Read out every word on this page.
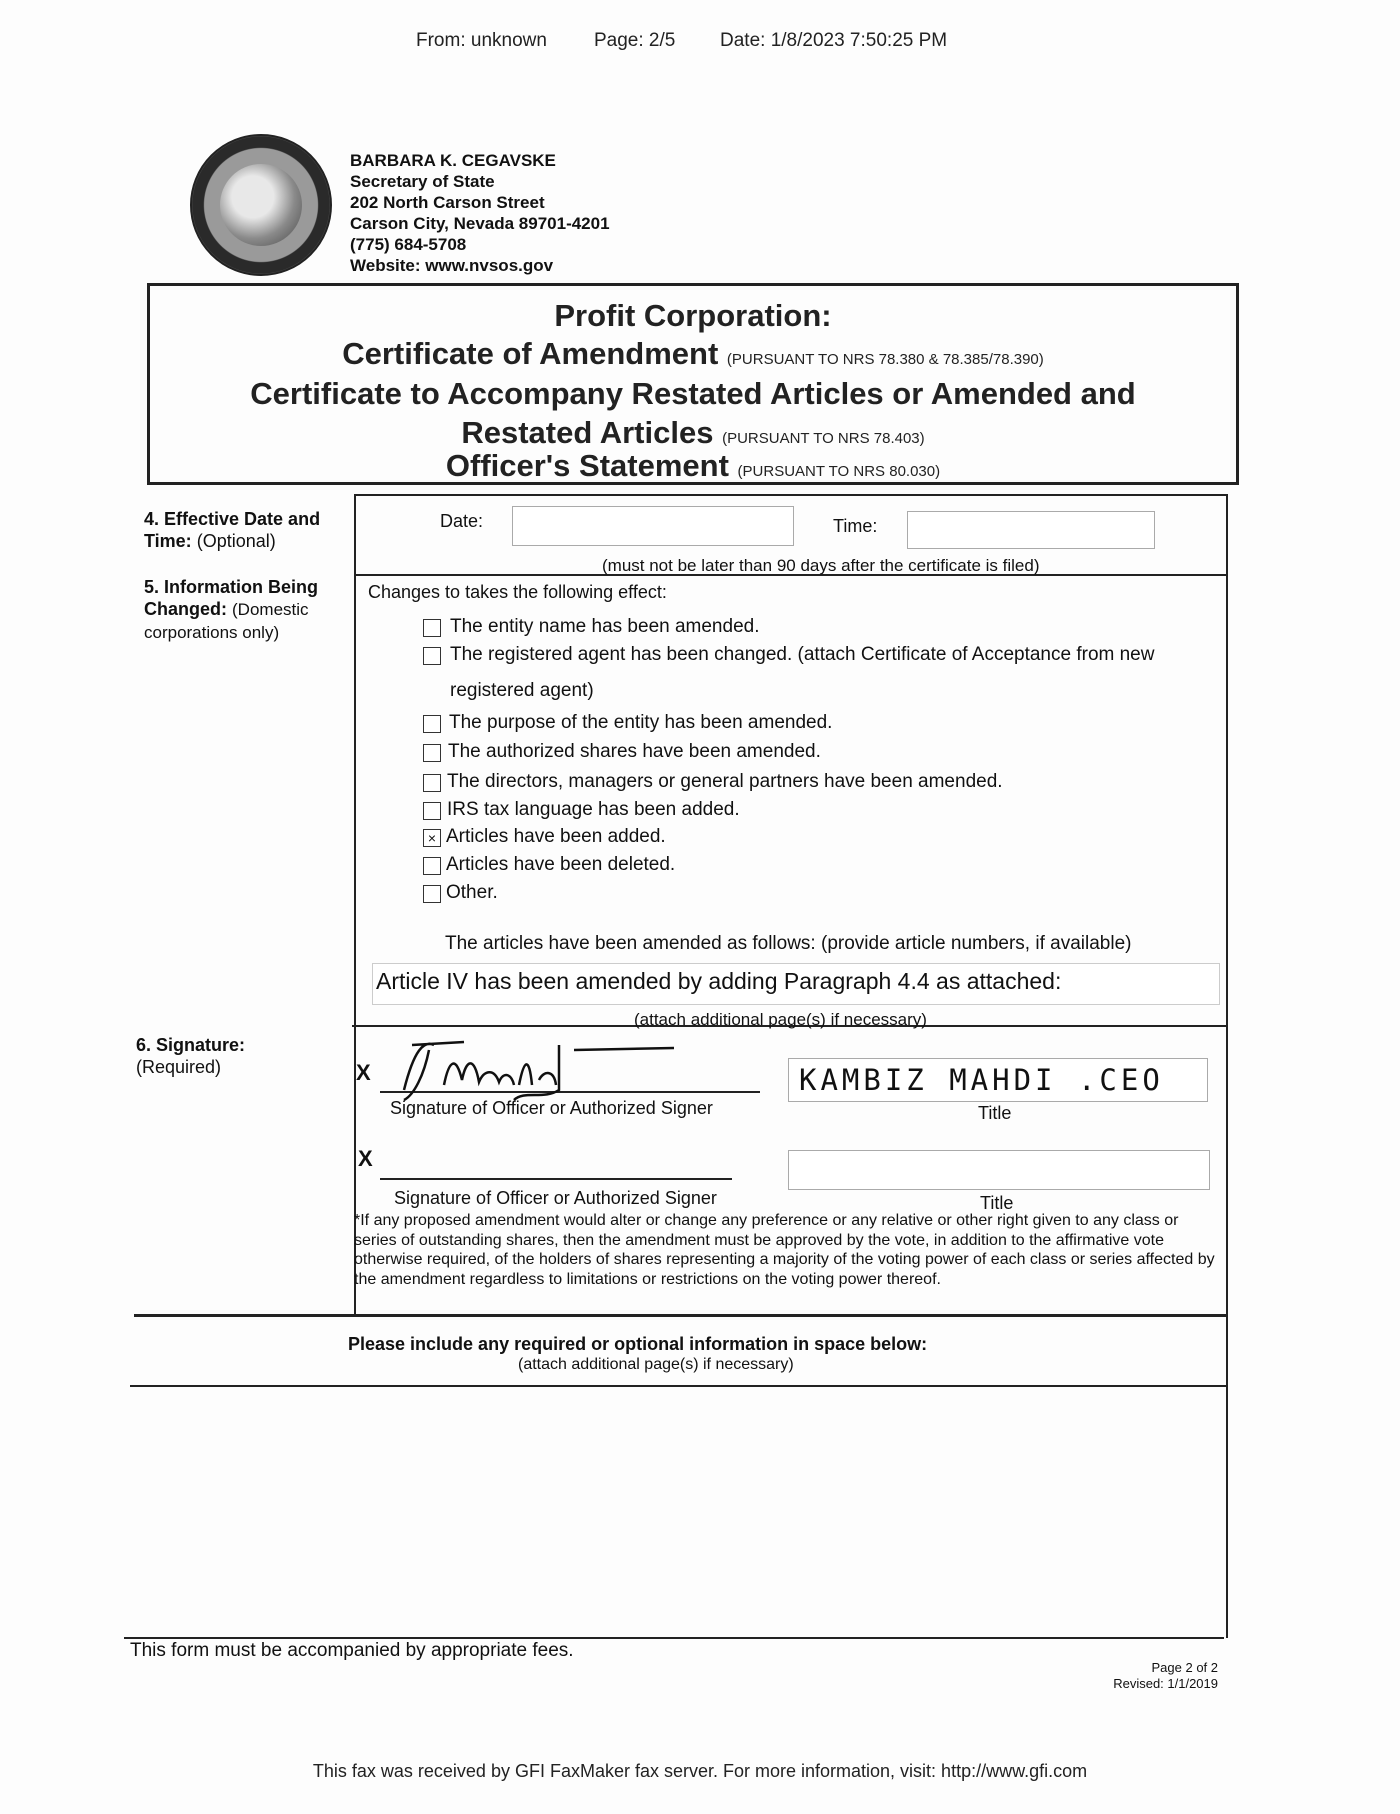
From: unknown Page: 2/5 Date: 1/8/2023 7:50:25 PM
BARBARA K. CEGAVSKE
Secretary of State
202 North Carson Street
Carson City, Nevada 89701-4201
(775) 684-5708
Website: www.nvsos.gov
Profit Corporation:
Certificate of Amendment (PURSUANT TO NRS 78.380 & 78.385/78.390)
Certificate to Accompany Restated Articles or Amended and
Restated Articles (PURSUANT TO NRS 78.403)
Officer's Statement (PURSUANT TO NRS 80.030)
4. Effective Date and
Time: (Optional)
Date:	Time:
(must not be later than 90 days after the certificate is filed)
5. Information Being
Changed: (Domestic
corporations only)
Changes to takes the following effect:
The entity name has been amended.
The registered agent has been changed. (attach Certificate of Acceptance from new
registered agent)
The purpose of the entity has been amended.
The authorized shares have been amended.
The directors, managers or general partners have been amended.
IRS tax language has been added.
× Articles have been added.
Articles have been deleted.
Other.
The articles have been amended as follows: (provide article numbers, if available)
Article IV has been amended by adding Paragraph 4.4 as attached:
(attach additional page(s) if necessary)
6. Signature:
(Required)	X
Signature of Officer or Authorized Signer
KAMBIZ MAHDI .CEO
Title
X
Signature of Officer or Authorized Signer	Title
*If any proposed amendment would alter or change any preference or any relative or other right given to any class or series of outstanding shares, then the amendment must be approved by the vote, in addition to the affirmative vote otherwise required, of the holders of shares representing a majority of the voting power of each class or series affected by the amendment regardless to limitations or restrictions on the voting power thereof.
Please include any required or optional information in space below:
(attach additional page(s) if necessary)
This form must be accompanied by appropriate fees.
Page 2 of 2
Revised: 1/1/2019
This fax was received by GFI FaxMaker fax server. For more information, visit: http://www.gfi.com
